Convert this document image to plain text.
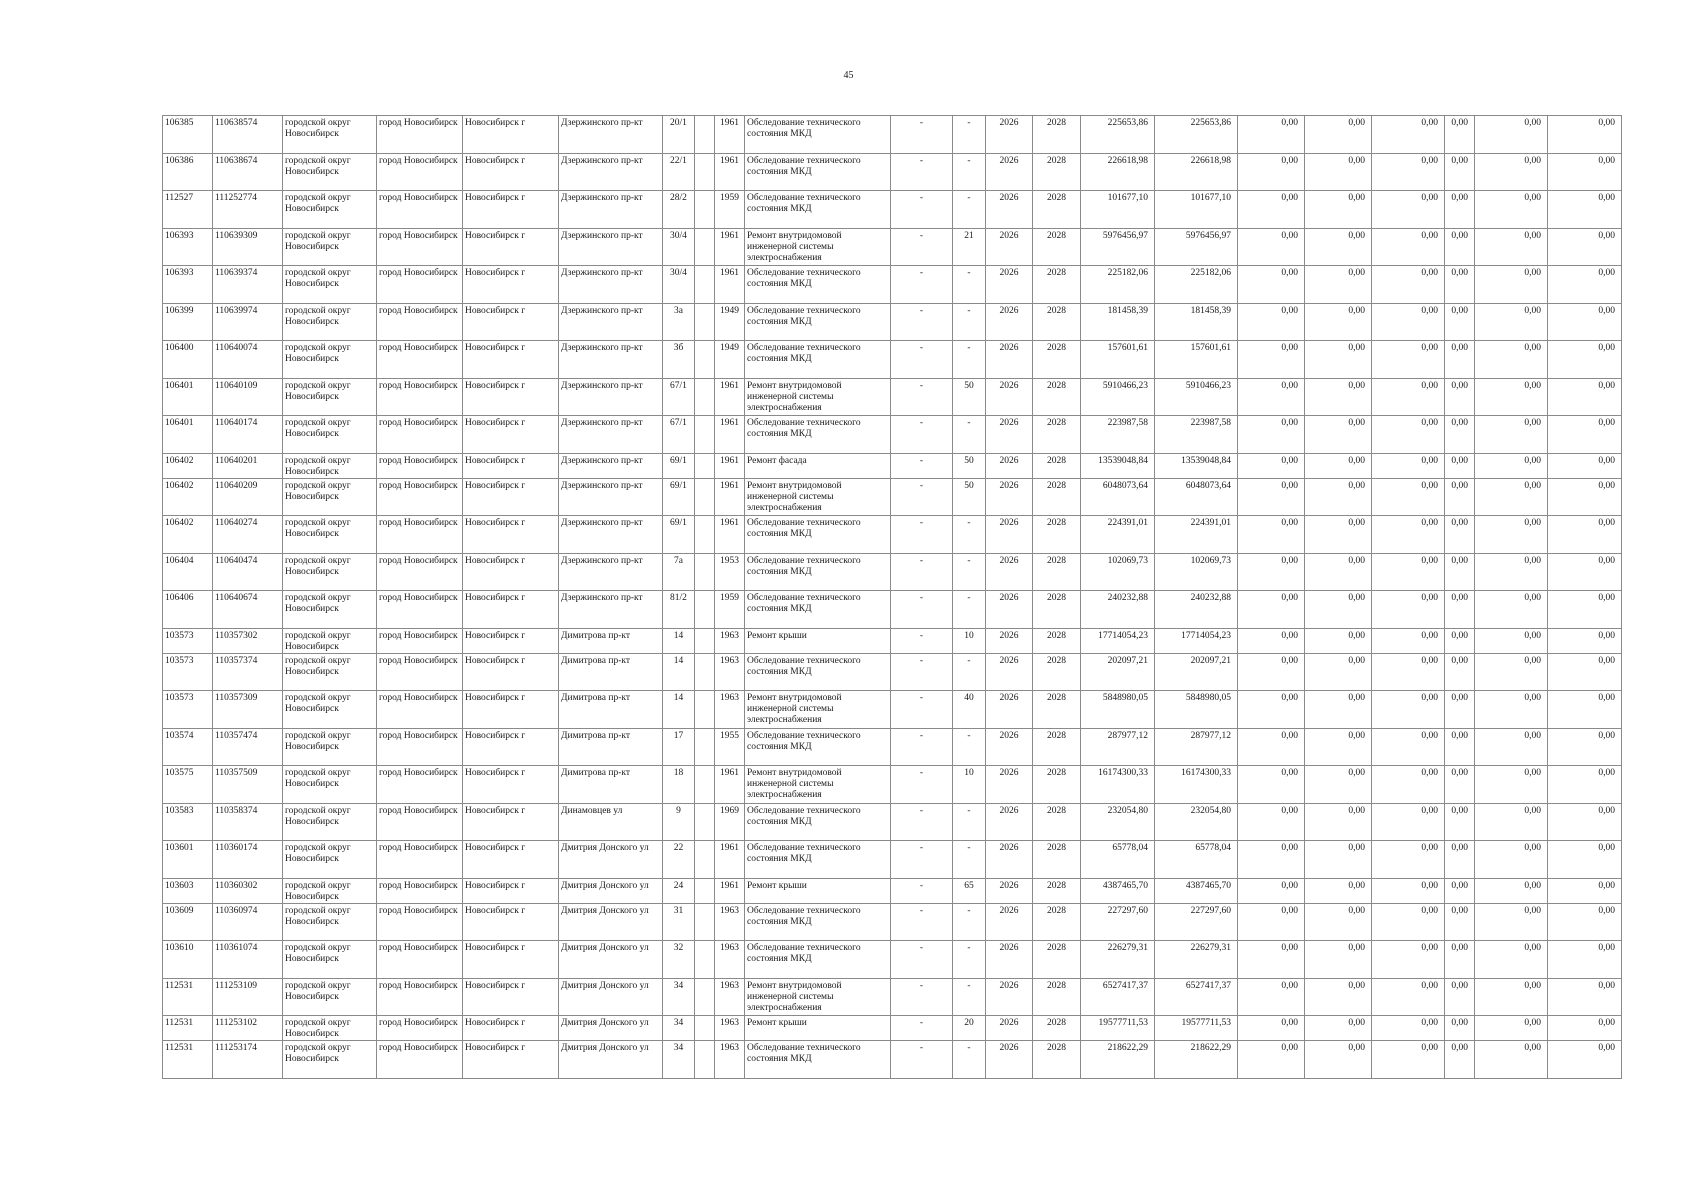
45
106385	110638574	городской округ Новосибирск	город Новосибирск	Новосибирск г	Дзержинского пр-кт	20/1		1961	Обследование технического состояния МКД	-	-	2026	2028	225653,86	225653,86	0,00	0,00	0,00	0,00	0,00	0,00
106386	110638674	городской округ Новосибирск	город Новосибирск	Новосибирск г	Дзержинского пр-кт	22/1		1961	Обследование технического состояния МКД	-	-	2026	2028	226618,98	226618,98	0,00	0,00	0,00	0,00	0,00	0,00
112527	111252774	городской округ Новосибирск	город Новосибирск	Новосибирск г	Дзержинского пр-кт	28/2		1959	Обследование технического состояния МКД	-	-	2026	2028	101677,10	101677,10	0,00	0,00	0,00	0,00	0,00	0,00
106393	110639309	городской округ Новосибирск	город Новосибирск	Новосибирск г	Дзержинского пр-кт	30/4		1961	Ремонт внутридомовой инженерной системы электроснабжения	-	21	2026	2028	5976456,97	5976456,97	0,00	0,00	0,00	0,00	0,00	0,00
106393	110639374	городской округ Новосибирск	город Новосибирск	Новосибирск г	Дзержинского пр-кт	30/4		1961	Обследование технического состояния МКД	-	-	2026	2028	225182,06	225182,06	0,00	0,00	0,00	0,00	0,00	0,00
106399	110639974	городской округ Новосибирск	город Новосибирск	Новосибирск г	Дзержинского пр-кт	3а		1949	Обследование технического состояния МКД	-	-	2026	2028	181458,39	181458,39	0,00	0,00	0,00	0,00	0,00	0,00
106400	110640074	городской округ Новосибирск	город Новосибирск	Новосибирск г	Дзержинского пр-кт	3б		1949	Обследование технического состояния МКД	-	-	2026	2028	157601,61	157601,61	0,00	0,00	0,00	0,00	0,00	0,00
106401	110640109	городской округ Новосибирск	город Новосибирск	Новосибирск г	Дзержинского пр-кт	67/1		1961	Ремонт внутридомовой инженерной системы электроснабжения	-	50	2026	2028	5910466,23	5910466,23	0,00	0,00	0,00	0,00	0,00	0,00
106401	110640174	городской округ Новосибирск	город Новосибирск	Новосибирск г	Дзержинского пр-кт	67/1		1961	Обследование технического состояния МКД	-	-	2026	2028	223987,58	223987,58	0,00	0,00	0,00	0,00	0,00	0,00
106402	110640201	городской округ Новосибирск	город Новосибирск	Новосибирск г	Дзержинского пр-кт	69/1		1961	Ремонт фасада	-	50	2026	2028	13539048,84	13539048,84	0,00	0,00	0,00	0,00	0,00	0,00
106402	110640209	городской округ Новосибирск	город Новосибирск	Новосибирск г	Дзержинского пр-кт	69/1		1961	Ремонт внутридомовой инженерной системы электроснабжения	-	50	2026	2028	6048073,64	6048073,64	0,00	0,00	0,00	0,00	0,00	0,00
106402	110640274	городской округ Новосибирск	город Новосибирск	Новосибирск г	Дзержинского пр-кт	69/1		1961	Обследование технического состояния МКД	-	-	2026	2028	224391,01	224391,01	0,00	0,00	0,00	0,00	0,00	0,00
106404	110640474	городской округ Новосибирск	город Новосибирск	Новосибирск г	Дзержинского пр-кт	7а		1953	Обследование технического состояния МКД	-	-	2026	2028	102069,73	102069,73	0,00	0,00	0,00	0,00	0,00	0,00
106406	110640674	городской округ Новосибирск	город Новосибирск	Новосибирск г	Дзержинского пр-кт	81/2		1959	Обследование технического состояния МКД	-	-	2026	2028	240232,88	240232,88	0,00	0,00	0,00	0,00	0,00	0,00
103573	110357302	городской округ Новосибирск	город Новосибирск	Новосибирск г	Димитрова пр-кт	14		1963	Ремонт крыши	-	10	2026	2028	17714054,23	17714054,23	0,00	0,00	0,00	0,00	0,00	0,00
103573	110357374	городской округ Новосибирск	город Новосибирск	Новосибирск г	Димитрова пр-кт	14		1963	Обследование технического состояния МКД	-	-	2026	2028	202097,21	202097,21	0,00	0,00	0,00	0,00	0,00	0,00
103573	110357309	городской округ Новосибирск	город Новосибирск	Новосибирск г	Димитрова пр-кт	14		1963	Ремонт внутридомовой инженерной системы электроснабжения	-	40	2026	2028	5848980,05	5848980,05	0,00	0,00	0,00	0,00	0,00	0,00
103574	110357474	городской округ Новосибирск	город Новосибирск	Новосибирск г	Димитрова пр-кт	17		1955	Обследование технического состояния МКД	-	-	2026	2028	287977,12	287977,12	0,00	0,00	0,00	0,00	0,00	0,00
103575	110357509	городской округ Новосибирск	город Новосибирск	Новосибирск г	Димитрова пр-кт	18		1961	Ремонт внутридомовой инженерной системы электроснабжения	-	10	2026	2028	16174300,33	16174300,33	0,00	0,00	0,00	0,00	0,00	0,00
103583	110358374	городской округ Новосибирск	город Новосибирск	Новосибирск г	Динамовцев ул	9		1969	Обследование технического состояния МКД	-	-	2026	2028	232054,80	232054,80	0,00	0,00	0,00	0,00	0,00	0,00
103601	110360174	городской округ Новосибирск	город Новосибирск	Новосибирск г	Дмитрия Донского ул	22		1961	Обследование технического состояния МКД	-	-	2026	2028	65778,04	65778,04	0,00	0,00	0,00	0,00	0,00	0,00
103603	110360302	городской округ Новосибирск	город Новосибирск	Новосибирск г	Дмитрия Донского ул	24		1961	Ремонт крыши	-	65	2026	2028	4387465,70	4387465,70	0,00	0,00	0,00	0,00	0,00	0,00
103609	110360974	городской округ Новосибирск	город Новосибирск	Новосибирск г	Дмитрия Донского ул	31		1963	Обследование технического состояния МКД	-	-	2026	2028	227297,60	227297,60	0,00	0,00	0,00	0,00	0,00	0,00
103610	110361074	городской округ Новосибирск	город Новосибирск	Новосибирск г	Дмитрия Донского ул	32		1963	Обследование технического состояния МКД	-	-	2026	2028	226279,31	226279,31	0,00	0,00	0,00	0,00	0,00	0,00
112531	111253109	городской округ Новосибирск	город Новосибирск	Новосибирск г	Дмитрия Донского ул	34		1963	Ремонт внутридомовой инженерной системы электроснабжения	-	-	2026	2028	6527417,37	6527417,37	0,00	0,00	0,00	0,00	0,00	0,00
112531	111253102	городской округ Новосибирск	город Новосибирск	Новосибирск г	Дмитрия Донского ул	34		1963	Ремонт крыши	-	20	2026	2028	19577711,53	19577711,53	0,00	0,00	0,00	0,00	0,00	0,00
112531	111253174	городской округ Новосибирск	город Новосибирск	Новосибирск г	Дмитрия Донского ул	34		1963	Обследование технического состояния МКД	-	-	2026	2028	218622,29	218622,29	0,00	0,00	0,00	0,00	0,00	0,00
